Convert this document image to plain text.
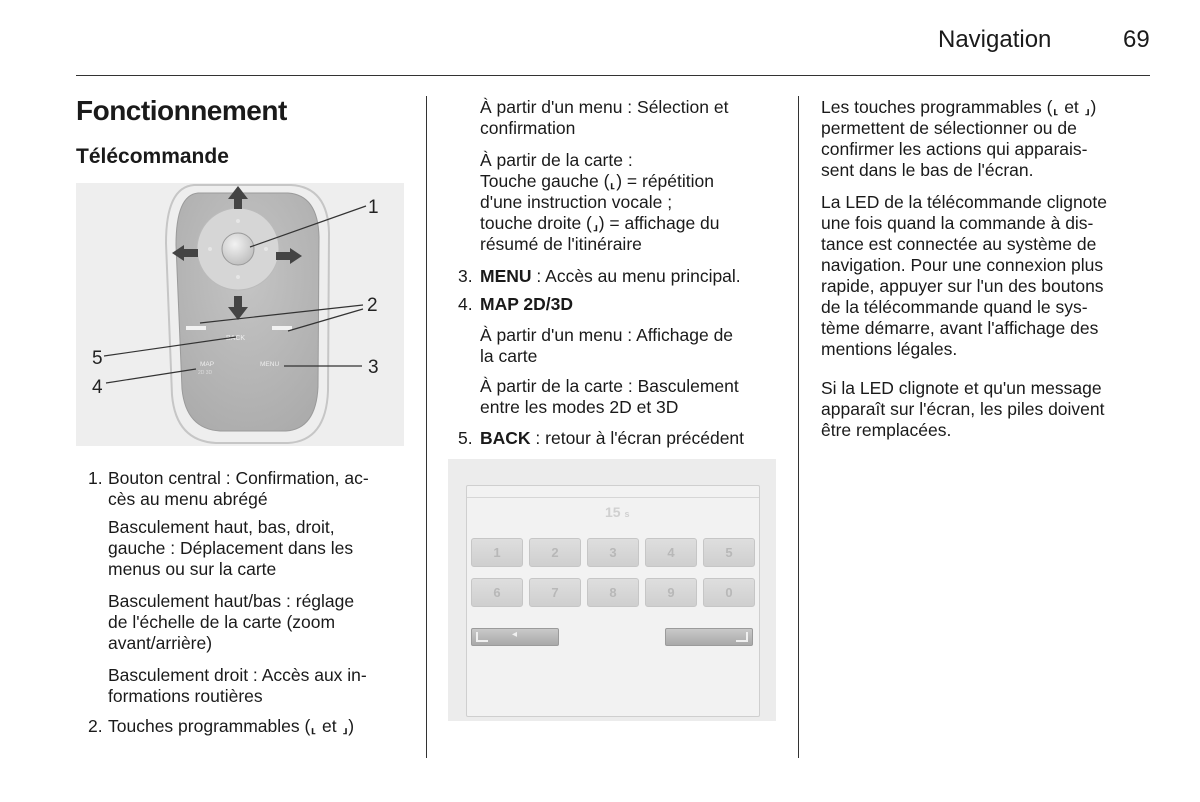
Navigation	69
Fonctionnement
Télécommande
BACK
MENU
MAP
2D 3D
1
2
3
4
5
1. Bouton central : Confirmation, ac-

cès au menu abrégé

Basculement haut, bas, droit,

gauche : Déplacement dans les

menus ou sur la carte

Basculement haut/bas : réglage

de l'échelle de la carte (zoom

avant/arrière)

Basculement droit : Accès aux in-

formations routières

2. Touches programmables (⸤ et ⸥)

À partir d'un menu : Sélection et

confirmation

À partir de la carte :

Touche gauche (⸤) = répétition

d'une instruction vocale ;

touche droite (⸥) = affichage du

résumé de l'itinéraire

3. MENU : Accès au menu principal.
4. MAP 2D/3D

À partir d'un menu : Affichage de

la carte

À partir de la carte : Basculement

entre les modes 2D et 3D

5. BACK : retour à l'écran précédent
15 s
1	2	3	4	5
6	7	8	9	0
◂

Les touches programmables (⸤ et ⸥)

permettent de sélectionner ou de

confirmer les actions qui apparais-

sent dans le bas de l'écran.

La LED de la télécommande clignote

une fois quand la commande à dis-

tance est connectée au système de

navigation. Pour une connexion plus

rapide, appuyer sur l'un des boutons

de la télécommande quand le sys-

tème démarre, avant l'affichage des

mentions légales.

Si la LED clignote et qu'un message

apparaît sur l'écran, les piles doivent

être remplacées.
